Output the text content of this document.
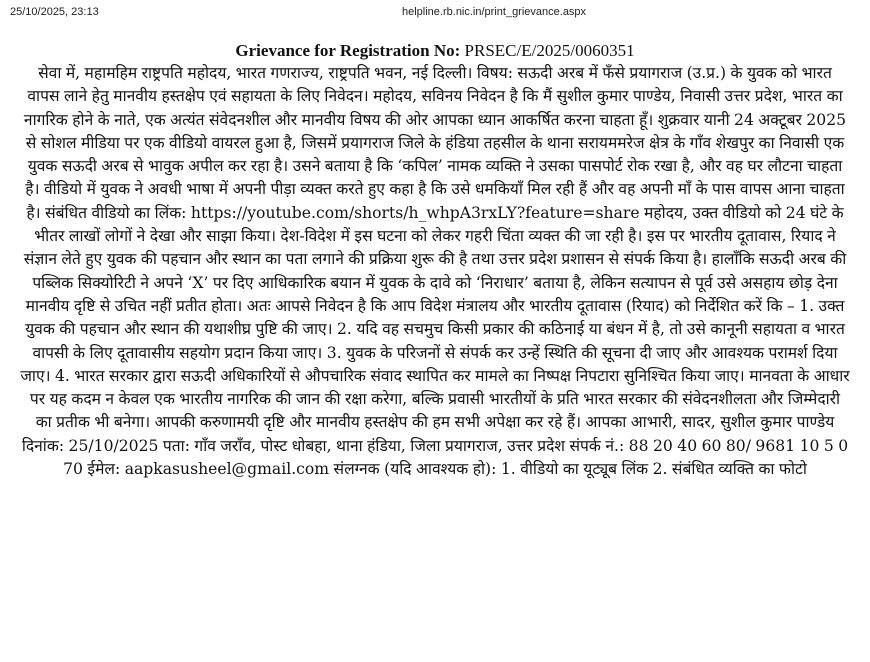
25/10/2025, 23:13	helpline.rb.nic.in/print_grievance.aspx
Grievance for Registration No: PRSEC/E/2025/0060351

सेवा में, महामहिम राष्ट्रपति महोदय, भारत गणराज्य, राष्ट्रपति भवन, नई दिल्ली। विषय: सऊदी अरब में फँसे प्रयागराज (उ.प्र.) के युवक को भारत वापस लाने हेतु मानवीय हस्तक्षेप एवं सहायता के लिए निवेदन। महोदय, सविनय निवेदन है कि मैं सुशील कुमार पाण्डेय, निवासी उत्तर प्रदेश, भारत का नागरिक होने के नाते, एक अत्यंत संवेदनशील और मानवीय विषय की ओर आपका ध्यान आकर्षित करना चाहता हूँ। शुक्रवार यानी 24 अक्टूबर 2025 से सोशल मीडिया पर एक वीडियो वायरल हुआ है, जिसमें प्रयागराज जिले के हंडिया तहसील के थाना सरायममरेज क्षेत्र के गाँव शेखपुर का निवासी एक युवक सऊदी अरब से भावुक अपील कर रहा है। उसने बताया है कि ‘कपिल’ नामक व्यक्ति ने उसका पासपोर्ट रोक रखा है, और वह घर लौटना चाहता है। वीडियो में युवक ने अवधी भाषा में अपनी पीड़ा व्यक्त करते हुए कहा है कि उसे धमकियाँ मिल रही हैं और वह अपनी माँ के पास वापस आना चाहता है। संबंधित वीडियो का लिंक: https://youtube.com/shorts/h_whpA3rxLY?feature=share महोदय, उक्त वीडियो को 24 घंटे के भीतर लाखों लोगों ने देखा और साझा किया। देश-विदेश में इस घटना को लेकर गहरी चिंता व्यक्त की जा रही है। इस पर भारतीय दूतावास, रियाद ने संज्ञान लेते हुए युवक की पहचान और स्थान का पता लगाने की प्रक्रिया शुरू की है तथा उत्तर प्रदेश प्रशासन से संपर्क किया है। हालाँकि सऊदी अरब की पब्लिक सिक्योरिटी ने अपने ‘X’ पर दिए आधिकारिक बयान में युवक के दावे को ‘निराधार’ बताया है, लेकिन सत्यापन से पूर्व उसे असहाय छोड़ देना मानवीय दृष्टि से उचित नहीं प्रतीत होता। अतः आपसे निवेदन है कि आप विदेश मंत्रालय और भारतीय दूतावास (रियाद) को निर्देशित करें कि – 1. उक्त युवक की पहचान और स्थान की यथाशीघ्र पुष्टि की जाए। 2. यदि वह सचमुच किसी प्रकार की कठिनाई या बंधन में है, तो उसे कानूनी सहायता व भारत वापसी के लिए दूतावासीय सहयोग प्रदान किया जाए। 3. युवक के परिजनों से संपर्क कर उन्हें स्थिति की सूचना दी जाए और आवश्यक परामर्श दिया जाए। 4. भारत सरकार द्वारा सऊदी अधिकारियों से औपचारिक संवाद स्थापित कर मामले का निष्पक्ष निपटारा सुनिश्चित किया जाए। मानवता के आधार पर यह कदम न केवल एक भारतीय नागरिक की जान की रक्षा करेगा, बल्कि प्रवासी भारतीयों के प्रति भारत सरकार की संवेदनशीलता और जिम्मेदारी का प्रतीक भी बनेगा। आपकी करुणामयी दृष्टि और मानवीय हस्तक्षेप की हम सभी अपेक्षा कर रहे हैं। आपका आभारी, सादर, सुशील कुमार पाण्डेय दिनांक: 25/10/2025 पता: गाँव जराँव, पोस्ट धोबहा, थाना हंडिया, जिला प्रयागराज, उत्तर प्रदेश संपर्क नं.: 88 20 40 60 80/ 9681 10 5 0 70 ईमेल: aapkasusheel@gmail.com संलग्नक (यदि आवश्यक हो): 1. वीडियो का यूट्यूब लिंक 2. संबंधित व्यक्ति का फोटो
